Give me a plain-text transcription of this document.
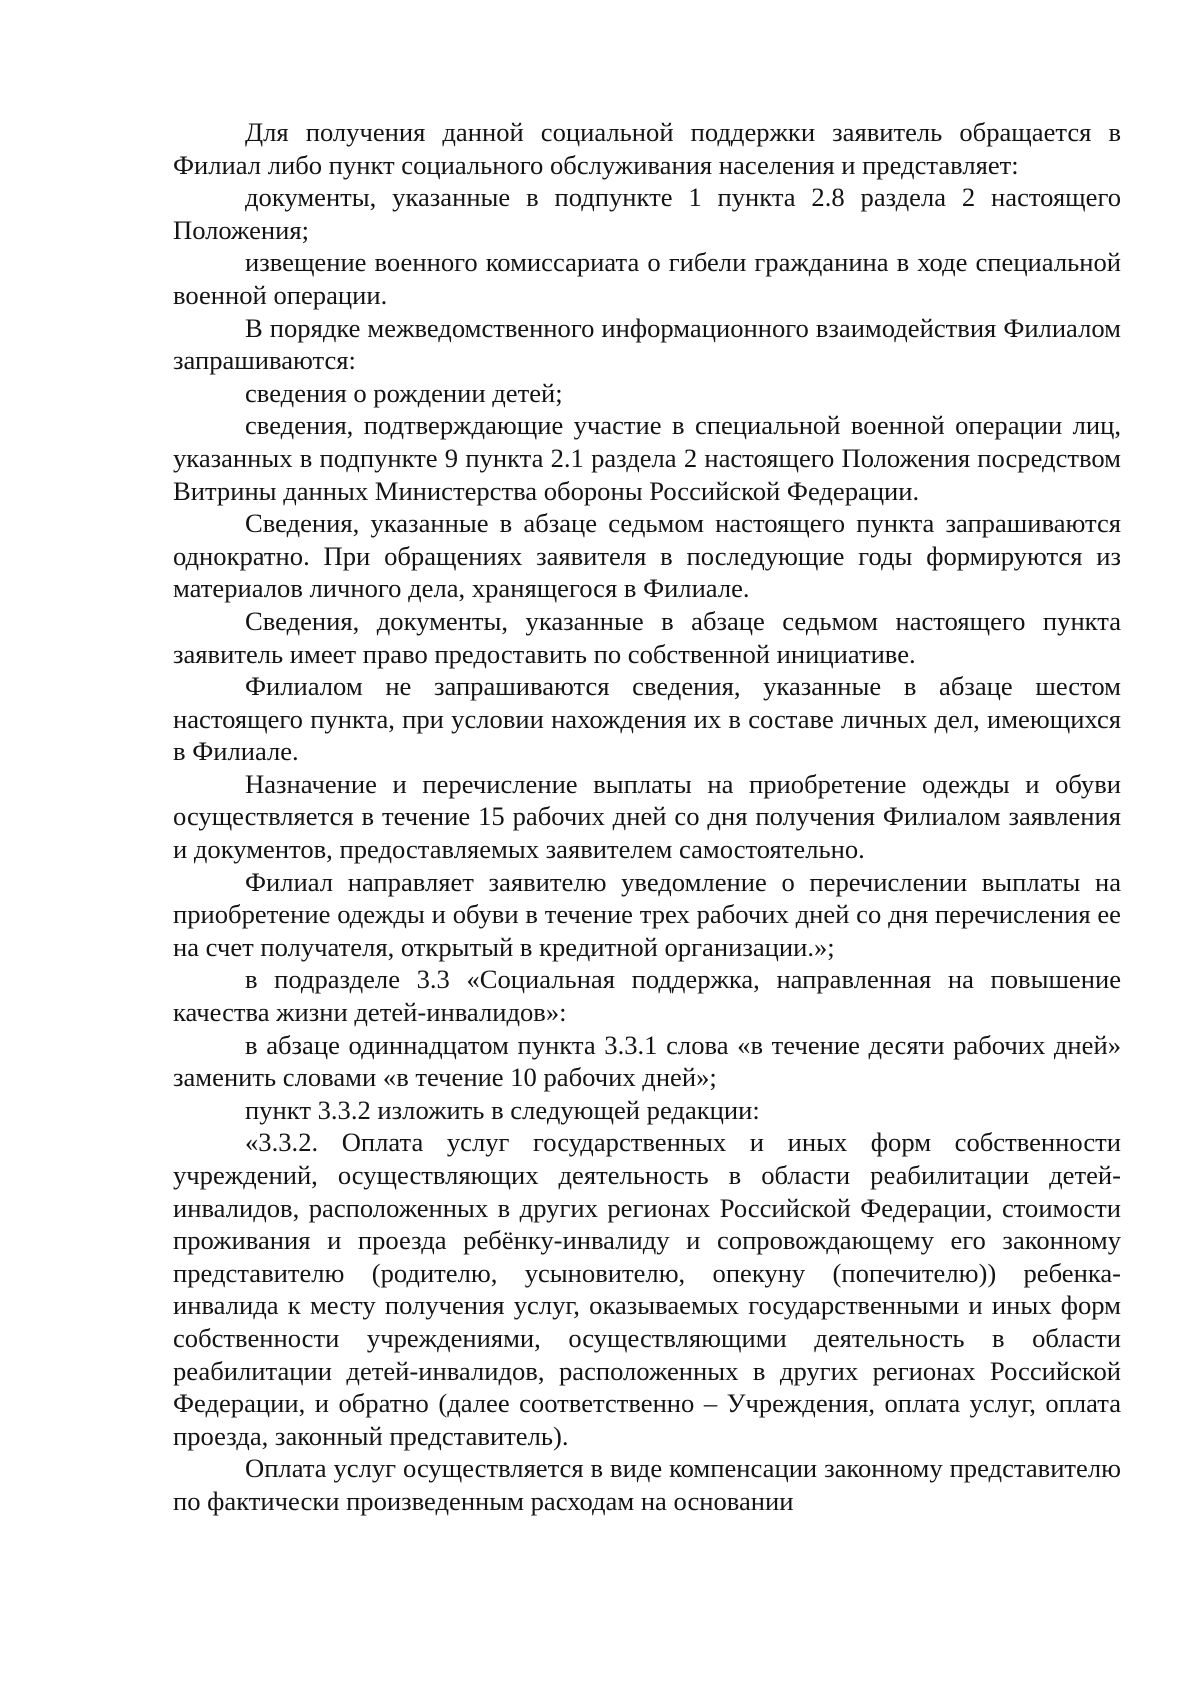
Для получения данной социальной поддержки заявитель обращается в Филиал либо пункт социального обслуживания населения и представляет:

документы, указанные в подпункте 1 пункта 2.8 раздела 2 настоящего Положения;

извещение военного комиссариата о гибели гражданина в ходе специальной военной операции.

В порядке межведомственного информационного взаимодействия Филиалом запрашиваются:

сведения о рождении детей;

сведения, подтверждающие участие в специальной военной операции лиц, указанных в подпункте 9 пункта 2.1 раздела 2 настоящего Положения посредством Витрины данных Министерства обороны Российской Федерации.

Сведения, указанные в абзаце седьмом настоящего пункта запрашиваются однократно. При обращениях заявителя в последующие годы формируются из материалов личного дела, хранящегося в Филиале.

Сведения, документы, указанные в абзаце седьмом настоящего пункта заявитель имеет право предоставить по собственной инициативе.

Филиалом не запрашиваются сведения, указанные в абзаце шестом настоящего пункта, при условии нахождения их в составе личных дел, имеющихся в Филиале.

Назначение и перечисление выплаты на приобретение одежды и обуви осуществляется в течение 15 рабочих дней со дня получения Филиалом заявления и документов, предоставляемых заявителем самостоятельно.

Филиал направляет заявителю уведомление о перечислении выплаты на приобретение одежды и обуви в течение трех рабочих дней со дня перечисления ее на счет получателя, открытый в кредитной организации.»;

в подразделе 3.3 «Социальная поддержка, направленная на повышение качества жизни детей-инвалидов»:

в абзаце одиннадцатом пункта 3.3.1 слова «в течение десяти рабочих дней» заменить словами «в течение 10 рабочих дней»;

пункт 3.3.2 изложить в следующей редакции:

«3.3.2. Оплата услуг государственных и иных форм собственности учреждений, осуществляющих деятельность в области реабилитации детей-инвалидов, расположенных в других регионах Российской Федерации, стоимости проживания и проезда ребёнку-инвалиду и сопровождающему его законному представителю (родителю, усыновителю, опекуну (попечителю)) ребенка-инвалида к месту получения услуг, оказываемых государственными и иных форм собственности учреждениями, осуществляющими деятельность в области реабилитации детей-инвалидов, расположенных в других регионах Российской Федерации, и обратно (далее соответственно – Учреждения, оплата услуг, оплата проезда, законный представитель).

Оплата услуг осуществляется в виде компенсации законному представителю по фактически произведенным расходам на основании
